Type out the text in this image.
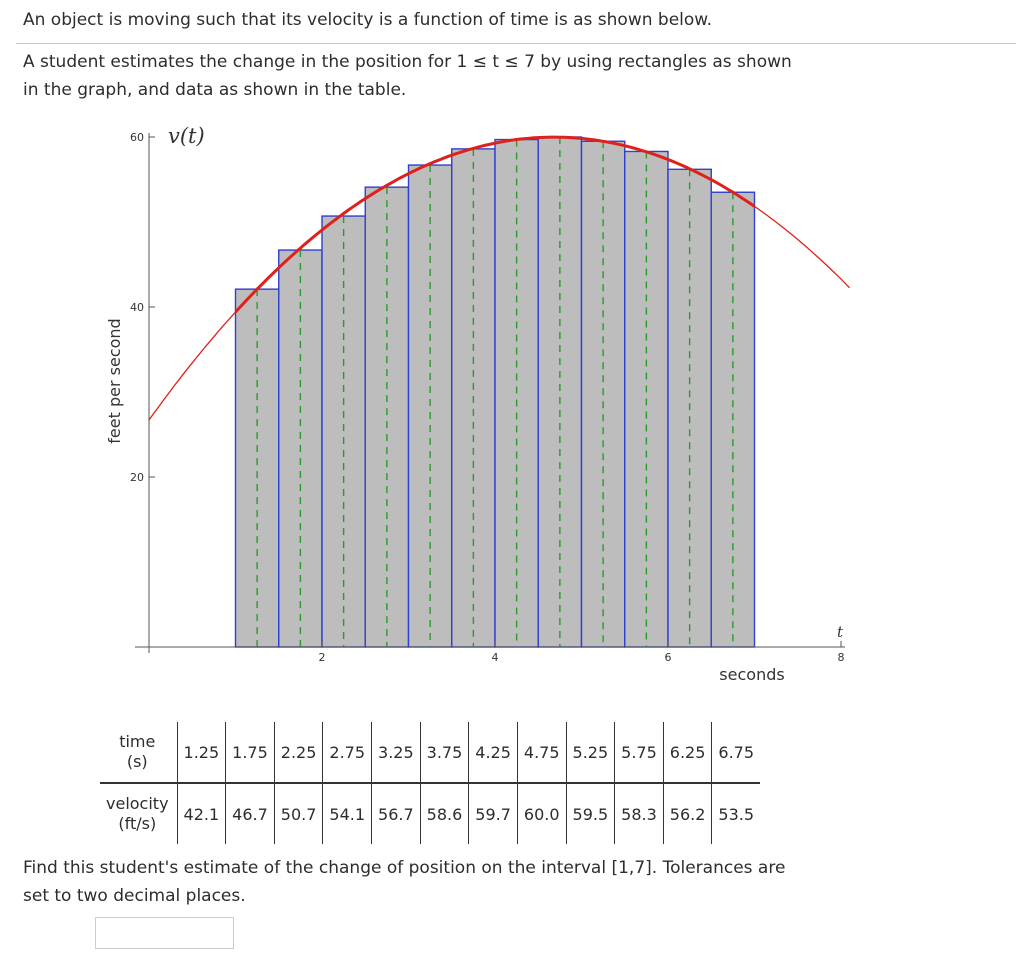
An object is moving such that its velocity is a function of time is as shown below.
A student estimates the change in the position for 1 ≤ t ≤ 7 by using rectangles as shown
in the graph, and data as shown in the table.
20
40
60
2	4	6	8
v(t)
t
seconds
feet per second
time
(s)	1.25	1.75	2.25	2.75	3.25	3.75	4.25	4.75	5.25	5.75	6.25	6.75
velocity
(ft/s)	42.1	46.7	50.7	54.1	56.7	58.6	59.7	60.0	59.5	58.3	56.2	53.5
Find this student's estimate of the change of position on the interval [1,7]. Tolerances are
set to two decimal places.
